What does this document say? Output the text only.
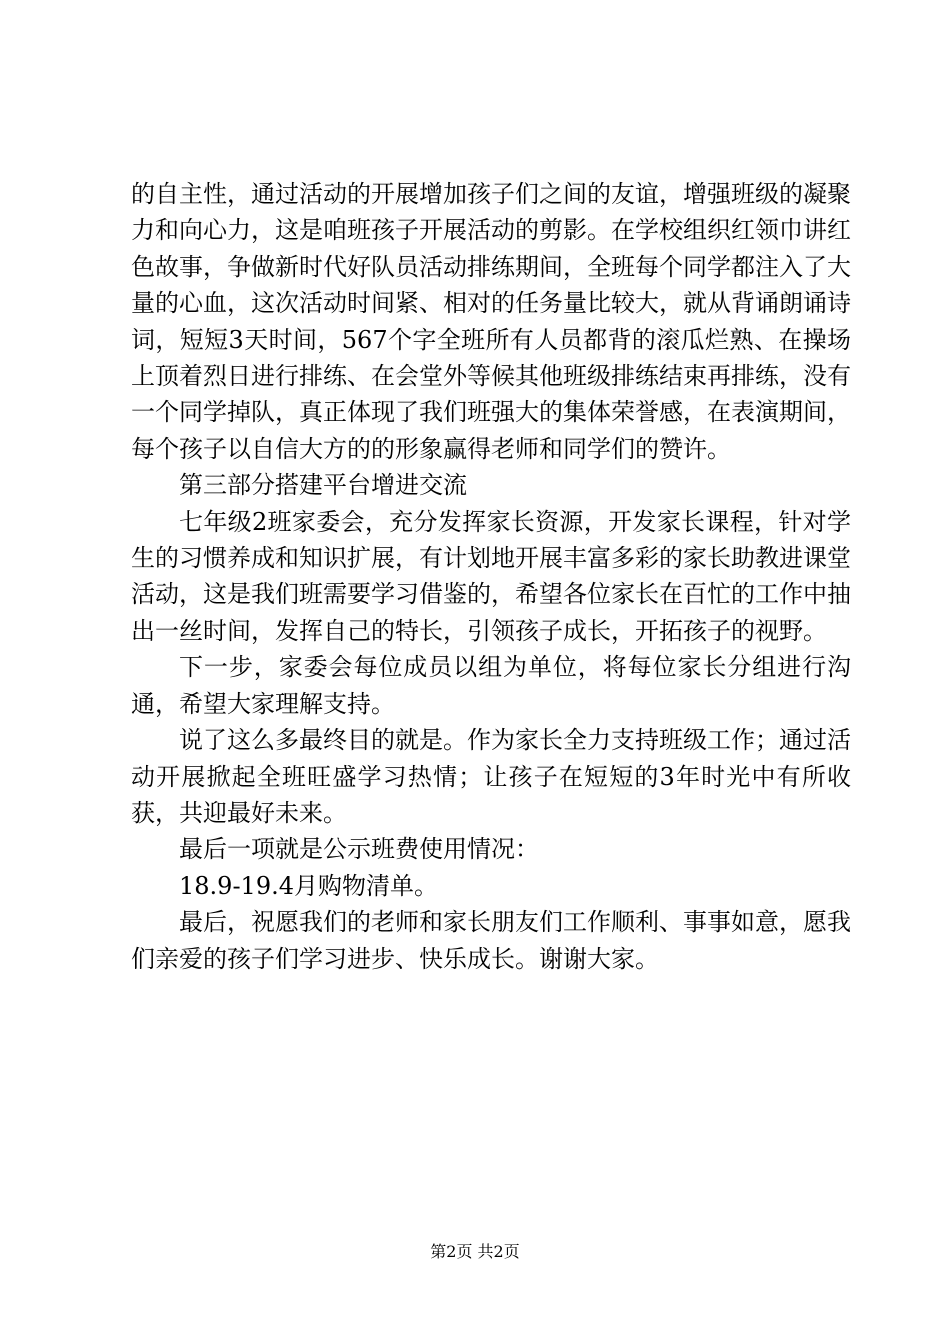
的自主性，通过活动的开展增加孩子们之间的友谊，增强班级的凝聚力和向心力，这是咱班孩子开展活动的剪影。在学校组织红领巾讲红色故事，争做新时代好队员活动排练期间，全班每个同学都注入了大量的心血，这次活动时间紧、相对的任务量比较大，就从背诵朗诵诗词，短短3天时间，567个字全班所有人员都背的滚瓜烂熟、在操场上顶着烈日进行排练、在会堂外等候其他班级排练结束再排练，没有一个同学掉队，真正体现了我们班强大的集体荣誉感，在表演期间，每个孩子以自信大方的的形象赢得老师和同学们的赞许。

第三部分搭建平台增进交流

七年级2班家委会，充分发挥家长资源，开发家长课程，针对学生的习惯养成和知识扩展，有计划地开展丰富多彩的家长助教进课堂活动，这是我们班需要学习借鉴的，希望各位家长在百忙的工作中抽出一丝时间，发挥自己的特长，引领孩子成长，开拓孩子的视野。

下一步，家委会每位成员以组为单位，将每位家长分组进行沟通，希望大家理解支持。

说了这么多最终目的就是。作为家长全力支持班级工作；通过活动开展掀起全班旺盛学习热情；让孩子在短短的3年时光中有所收获，共迎最好未来。

最后一项就是公示班费使用情况：

18.9-19.4月购物清单。

最后，祝愿我们的老师和家长朋友们工作顺利、事事如意，愿我们亲爱的孩子们学习进步、快乐成长。谢谢大家。

第2页 共2页
